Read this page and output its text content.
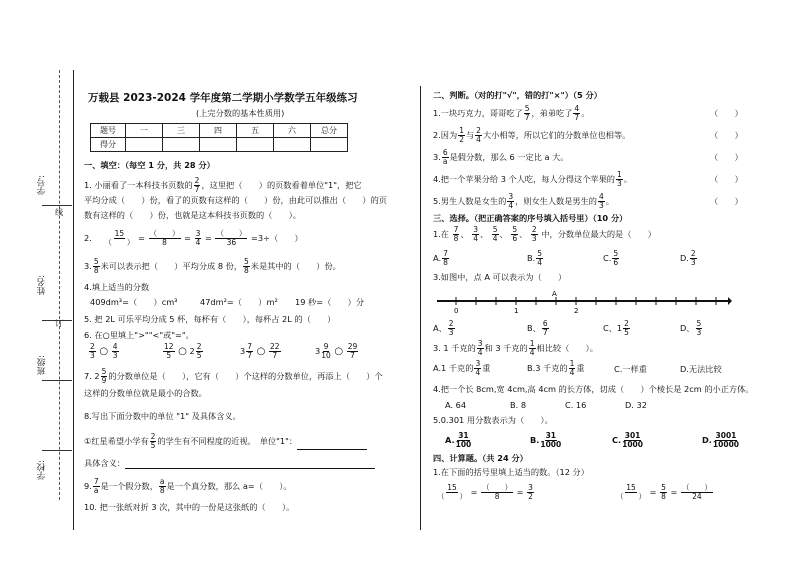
学号:
姓名:
班级:
学校:
线
订
万载县 2023-2024 学年度第二学期小学数学五年级练习
(上完分数的基本性质用)
题号	一	三	四	五	六	总分
得分						
一、填空：（每空 1 分，共 28 分）
1. 小丽看了一本科技书页数的 $\frac{2}{7}$ ，这里把（　　）的页数看着单位"1"，把它
平均分成（　　）份，看了的页数有这样的（　　）份，由此可以推出（　　）的页
数有这样的（　　）份，也就是这本科技书页数的（　　）。
2. $\frac{15}{( )} = \frac{( )}{8} = \frac{3}{4} = \frac{( )}{36} =3\div$（　　）
3. $\frac{5}{8}$ 米可以表示把（　　）平均分成 8 份， $\frac{5}{8}$ 米是其中的（　　）份。
4.填上适当的分数
409dm³=（　　）cm³	47dm²=（　　）m² 19 秒=（　　）分
5. 把 2L 可乐平均分成 5 杯，每杯有（　　），每杯占 2L 的（　　）
6. 在○里填上">""<"或"="。
$\frac{2}{3}$ ○ $\frac{4}{3}$	$\frac{12}{5}$ ○ $2 \frac{2}{5}$	$3 \frac{7}{7}$ ○ $\frac{22}{7}$	$3 \frac{9}{10}$ ○ $\frac{29}{7}$
7. $2 \frac{5}{9}$ 的分数单位是（　　），它有（　　）个这样的分数单位，再添上（　　）个
这样的分数单位就是最小的合数。
8.写出下面分数中的单位 "1" 及具体含义。
①红星希望小学有 $\frac{2}{5}$ 的学生有不同程度的近视。　单位"1"：
具体含义：
9. $\frac{7}{a}$ 是一个假分数， $\frac{a}{8}$ 是一个真分数，那么 a=（　　）。
10. 把一张纸对折 3 次，其中的一份是这张纸的（　　）。
二、判断。（对的打"√"，错的打"×"）（5 分）
1.一块巧克力，哥哥吃了 $\frac{5}{7}$ ，弟弟吃了 $\frac{4}{7}$ 。	（　　）
2.因为 $\frac{1}{2}$ 与 $\frac{2}{4}$ 大小相等，所以它们的分数单位也相等。	（　　）
3. $\frac{6}{a}$ 是假分数，那么 6 一定比 a 大。	（　　）
4.把一个苹果分给 3 个人吃，每人分得这个苹果的 $\frac{1}{3}$ 。	（　　）
5.男生人数是女生的 $\frac{3}{4}$ ，则女生人数是男生的 $\frac{4}{3}$ 。	（　　）
三、选择。（把正确答案的序号填入括号里）（10 分）
1.在 $\frac{7}{8}$ 、 $\frac{3}{4}$ 、 $\frac{5}{4}$ 、 $\frac{5}{6}$ 、 $\frac{2}{3}$ 中，分数单位最大的是（　　）
A. $\frac{7}{8}$	B. $\frac{5}{4}$	C. $\frac{5}{6}$	D. $\frac{2}{3}$
3.如图中，点 A 可以表示为（　　）
A
0	1	2
A、 $\frac{2}{3}$	B、 $\frac{6}{7}$	C、$1 \frac{2}{5}$	D、 $\frac{5}{3}$
3. 1 千克的 $\frac{3}{4}$ 和 3 千克的 $\frac{1}{4}$ 相比较（　　）。
A.1 千克的 $\frac{3}{4}$ 重	B.3 千克的 $\frac{1}{4}$ 重	C.一样重	D.无法比较
4.把一个长 8cm,宽 4cm,高 4cm 的长方体，切成（　　）个棱长是 2cm 的小正方体。
A. 64	B. 8	C. 16	D. 32
5.0.301 用分数表示为（　　）。
A. $\frac{31}{100}$	B. $\frac{31}{1000}$	C. $\frac{301}{1000}$	D. $\frac{3001}{10000}$
四、计算题。（共 24 分）
1.在下面的括号里填上适当的数。（12 分）
$\frac{15}{( )} = \frac{( )}{8} = \frac{3}{2}$	$\frac{15}{( )} = \frac{5}{8} = \frac{( )}{24}$
